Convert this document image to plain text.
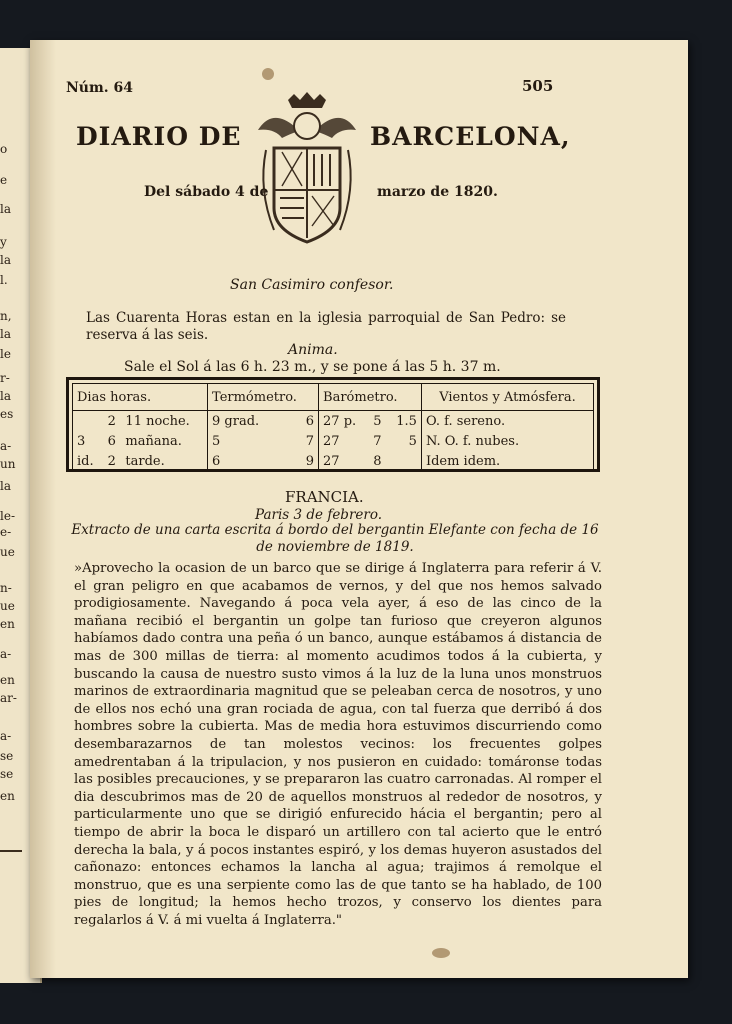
o
e
la
y
la
l.
n,
la
le
r-
la
es
a-
un
la
le-
e-
ue
n-
ue
en
a-
en
ar-
a-
se
se
en
Núm. 64	505
DIARIO DE	BARCELONA,
Del sábado 4 de	marzo de 1820.
San Casimiro confesor.
Las Cuarenta Horas estan en la iglesia parroquial de San Pedro: se reserva á las seis.
Anima.
Sale el Sol á las 6 h. 23 m., y se pone á las 5 h. 37 m.
Dias horas.			Termómetro.		Barómetro.			Vientos y Atmósfera.
	2	11 noche.	9 grad.	6	27 p.	5	1.5	O. f. sereno.
3	6	mañana.	5	7	27	7	5	N. O. f. nubes.
id.	2	tarde.	6	9	27	8		Idem idem.
FRANCIA.
Paris 3 de febrero.
Extracto de una carta escrita á bordo del bergantin Elefante con fecha de 16 de noviembre de 1819.
»Aprovecho la ocasion de un barco que se dirige á Inglaterra para referir á V. el gran peligro en que acabamos de vernos, y del que nos hemos salvado prodigiosamente. Navegando á poca vela ayer, á eso de las cinco de la mañana recibió el bergantin un golpe tan furioso que creyeron algunos habíamos dado contra una peña ó un banco, aunque estábamos á distancia de mas de 300 millas de tierra: al momento acudimos todos á la cubierta, y buscando la causa de nuestro susto vimos á la luz de la luna unos monstruos marinos de extraordinaria magnitud que se peleaban cerca de nosotros, y uno de ellos nos echó una gran rociada de agua, con tal fuerza que derribó á dos hombres sobre la cubierta. Mas de media hora estuvimos discurriendo como desembarazarnos de tan molestos vecinos: los frecuentes golpes amedrentaban á la tripulacion, y nos pusieron en cuidado: tomáronse todas las posibles precauciones, y se prepararon las cuatro carronadas. Al romper el dia descubrimos mas de 20 de aquellos monstruos al rededor de nosotros, y particularmente uno que se dirigió enfurecido hácia el bergantin; pero al tiempo de abrir la boca le disparó un artillero con tal acierto que le entró derecha la bala, y á pocos instantes espiró, y los demas huyeron asustados del cañonazo: entonces echamos la lancha al agua; trajimos á remolque el monstruo, que es una serpiente como las de que tanto se ha hablado, de 100 pies de longitud; la hemos hecho trozos, y conservo los dientes para regalarlos á V. á mi vuelta á Inglaterra."
